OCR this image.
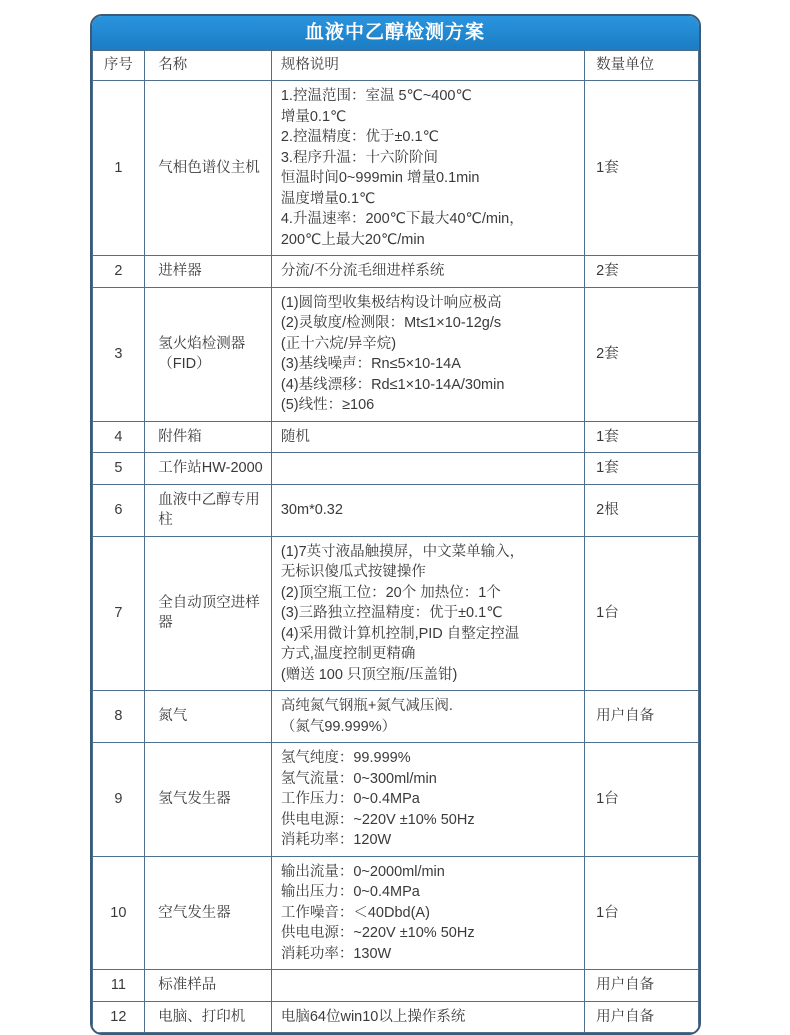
血液中乙醇检测方案
序号	名称	规格说明	数量单位
1	气相色谱仪主机	
1.控温范围：室温 5℃~400℃
增量0.1℃
2.控温精度：优于±0.1℃
3.程序升温：十六阶阶间
恒温时间0~999min 增量0.1min
温度增量0.1℃
4.升温速率：200℃下最大40℃/min，
200℃上最大20℃/min
	1套
2	进样器	分流/不分流毛细进样系统	2套
3	氢火焰检测器（FID）	
(1)圆筒型收集极结构设计响应极高
(2)灵敏度/检测限：Mt≤1×10-12g/s
(正十六烷/异辛烷)
(3)基线噪声：Rn≤5×10-14A
(4)基线漂移：Rd≤1×10-14A/30min
(5)线性：≥106
	2套
4	附件箱	随机	1套
5	工作站HW-2000		1套
6	血液中乙醇专用柱	30m*0.32	2根
7	全自动顶空进样器	
(1)7英寸液晶触摸屏，中文菜单输入，
无标识傻瓜式按键操作
(2)顶空瓶工位：20个 加热位：1个
(3)三路独立控温精度：优于±0.1℃
(4)采用微计算机控制,PID 自整定控温
方式,温度控制更精确
(赠送 100 只顶空瓶/压盖钳)
	1台
8	氮气	高纯氮气钢瓶+氮气减压阀.
（氮气99.999%）	用户自备
9	氢气发生器	氢气纯度：99.999%
氢气流量：0~300ml/min
工作压力：0~0.4MPa
供电电源：~220V ±10% 50Hz
消耗功率：120W	1台
10	空气发生器	输出流量：0~2000ml/min
输出压力：0~0.4MPa
工作噪音：＜40Dbd(A)
供电电源：~220V ±10% 50Hz
消耗功率：130W	1台
11	标准样品		用户自备
12	电脑、打印机	电脑64位win10以上操作系统	用户自备
